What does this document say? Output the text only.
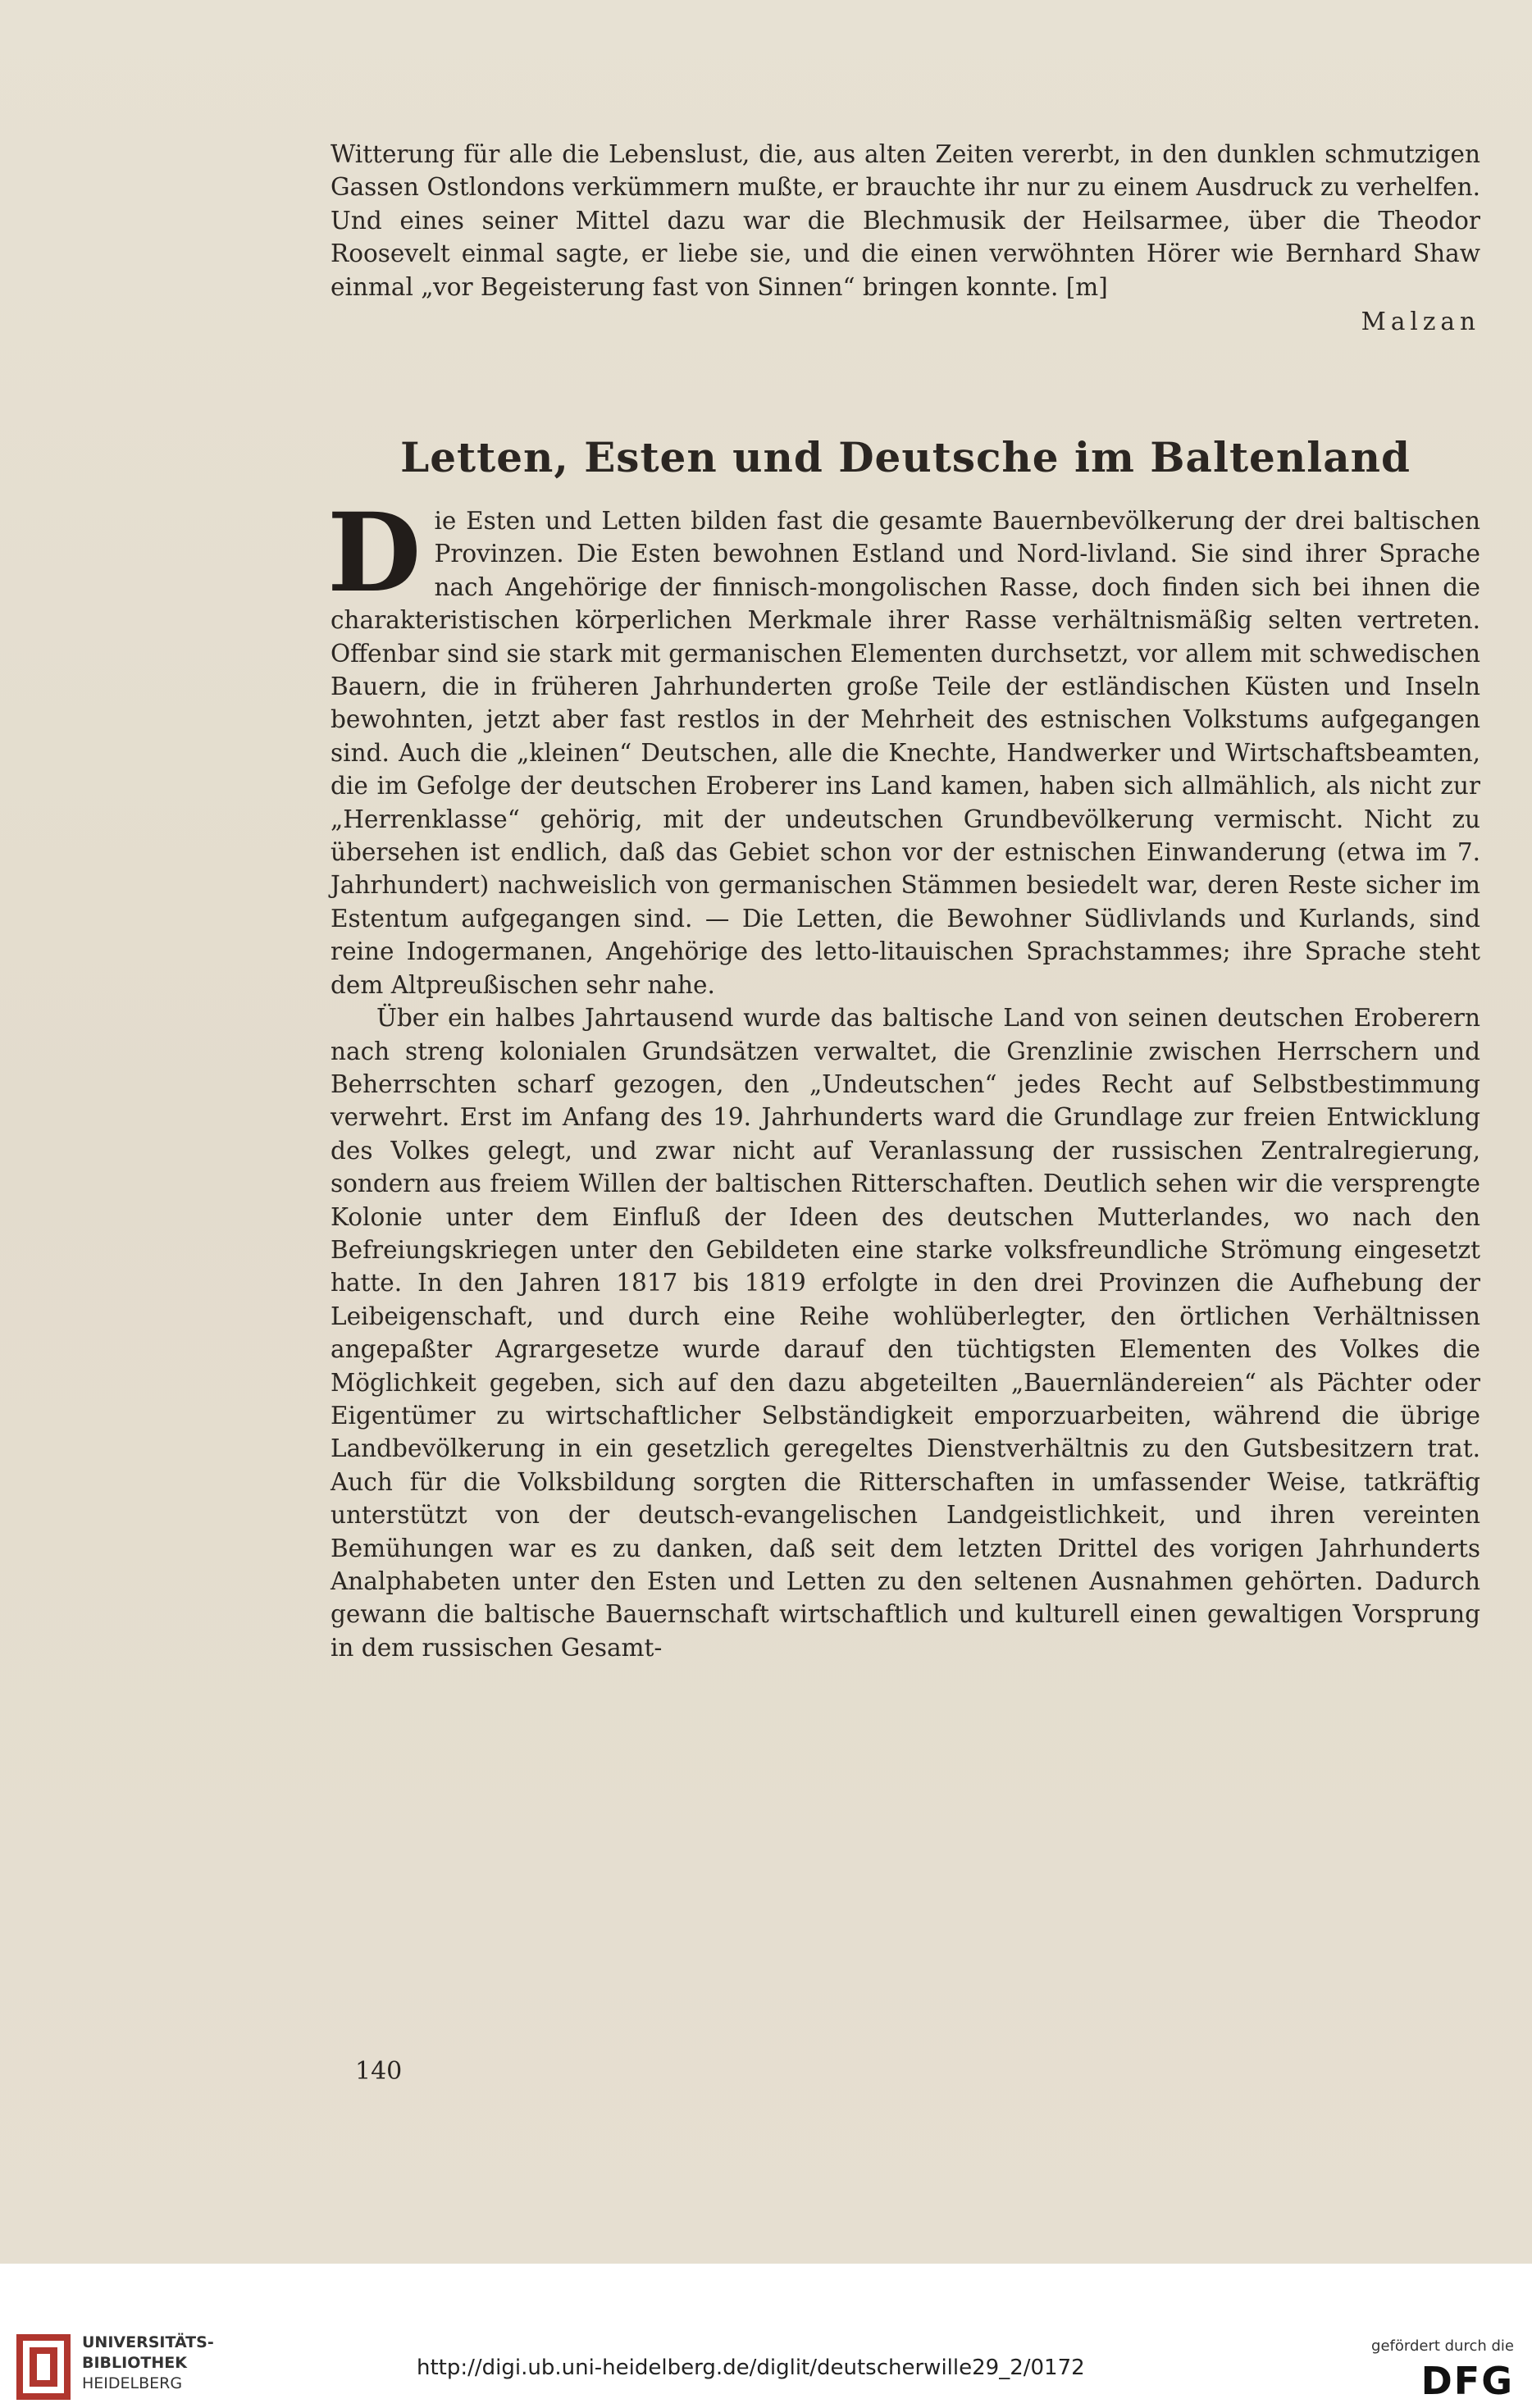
Witterung für alle die Lebenslust, die, aus alten Zeiten vererbt, in den dunklen schmutzigen Gassen Ostlondons verkümmern mußte, er brauchte ihr nur zu einem Ausdruck zu verhelfen. Und eines seiner Mittel dazu war die Blechmusik der Heilsarmee, über die Theodor Roosevelt einmal sagte, er liebe sie, und die einen verwöhnten Hörer wie Bernhard Shaw einmal „vor Begeisterung fast von Sinnen“ bringen konnte. [m]

Malzan
Letten, Esten und Deutsche im Baltenland

Die Esten und Letten bilden fast die gesamte Bauernbevölkerung der drei baltischen Provinzen. Die Esten bewohnen Estland und Nord-livland. Sie sind ihrer Sprache nach Angehörige der finnisch-mongolischen Rasse, doch finden sich bei ihnen die charakteristischen körperlichen Merkmale ihrer Rasse verhältnismäßig selten vertreten. Offenbar sind sie stark mit germanischen Elementen durchsetzt, vor allem mit schwedischen Bauern, die in früheren Jahrhunderten große Teile der estländischen Küsten und Inseln bewohnten, jetzt aber fast restlos in der Mehrheit des estnischen Volkstums aufgegangen sind. Auch die „kleinen“ Deutschen, alle die Knechte, Handwerker und Wirtschaftsbeamten, die im Gefolge der deutschen Eroberer ins Land kamen, haben sich allmählich, als nicht zur „Herrenklasse“ gehörig, mit der undeutschen Grundbevölkerung vermischt. Nicht zu übersehen ist endlich, daß das Gebiet schon vor der estnischen Einwanderung (etwa im 7. Jahrhundert) nachweislich von germanischen Stämmen besiedelt war, deren Reste sicher im Estentum aufgegangen sind. — Die Letten, die Bewohner Südlivlands und Kurlands, sind reine Indogermanen, Angehörige des letto-litauischen Sprachstammes; ihre Sprache steht dem Altpreußischen sehr nahe.

Über ein halbes Jahrtausend wurde das baltische Land von seinen deutschen Eroberern nach streng kolonialen Grundsätzen verwaltet, die Grenzlinie zwischen Herrschern und Beherrschten scharf gezogen, den „Undeutschen“ jedes Recht auf Selbstbestimmung verwehrt. Erst im Anfang des 19. Jahrhunderts ward die Grundlage zur freien Entwicklung des Volkes gelegt, und zwar nicht auf Veranlassung der russischen Zentralregierung, sondern aus freiem Willen der baltischen Ritterschaften. Deutlich sehen wir die versprengte Kolonie unter dem Einfluß der Ideen des deutschen Mutterlandes, wo nach den Befreiungskriegen unter den Gebildeten eine starke volksfreundliche Strömung eingesetzt hatte. In den Jahren 1817 bis 1819 erfolgte in den drei Provinzen die Aufhebung der Leibeigenschaft, und durch eine Reihe wohlüberlegter, den örtlichen Verhältnissen angepaßter Agrargesetze wurde darauf den tüchtigsten Elementen des Volkes die Möglichkeit gegeben, sich auf den dazu abgeteilten „Bauernländereien“ als Pächter oder Eigentümer zu wirtschaftlicher Selbständigkeit emporzuarbeiten, während die übrige Landbevölkerung in ein gesetzlich geregeltes Dienstverhältnis zu den Gutsbesitzern trat. Auch für die Volksbildung sorgten die Ritterschaften in umfassender Weise, tatkräftig unterstützt von der deutsch-evangelischen Landgeistlichkeit, und ihren vereinten Bemühungen war es zu danken, daß seit dem letzten Drittel des vorigen Jahrhunderts Analphabeten unter den Esten und Letten zu den seltenen Ausnahmen gehörten. Dadurch gewann die baltische Bauernschaft wirtschaftlich und kulturell einen gewaltigen Vorsprung in dem russischen Gesamt-

140
UNIVERSITÄTS-
BIBLIOTHEK
HEIDELBERG
http://digi.ub.uni-heidelberg.de/diglit/deutscherwille29_2/0172
gefördert durch die
DFG
